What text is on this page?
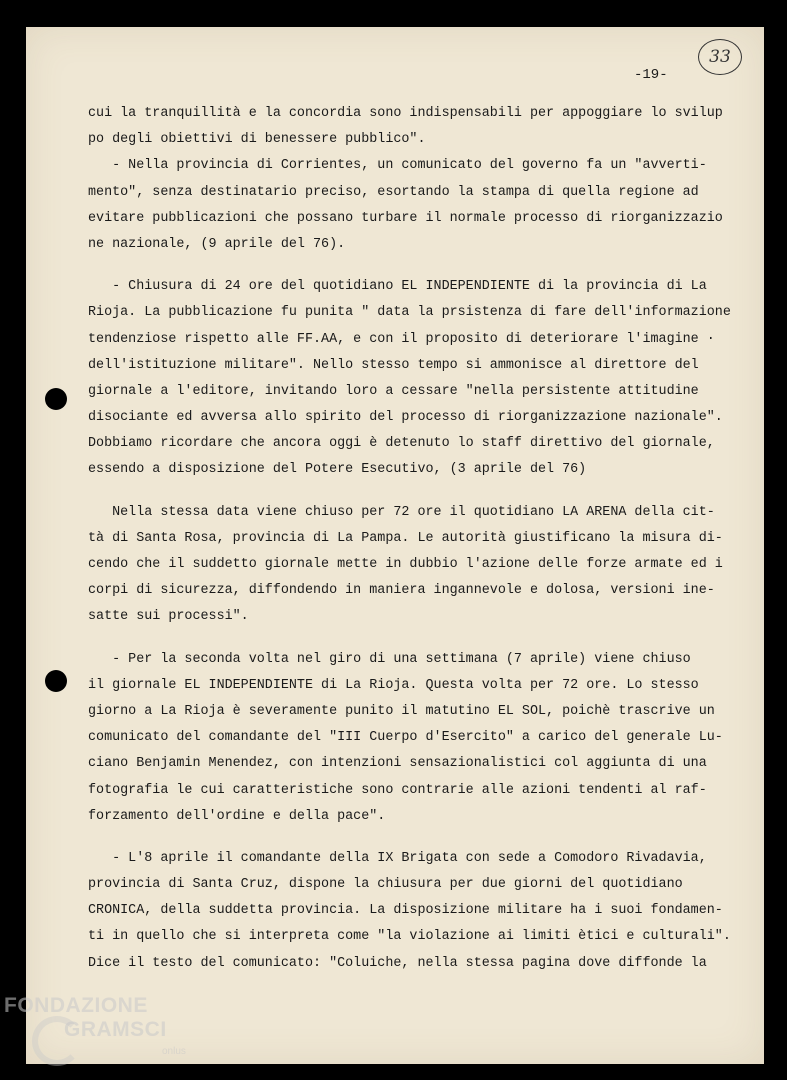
33
-19-
cui la tranquillità e la concordia sono indispensabili per appoggiare lo svilup
po degli obiettivi di benessere pubblico".
- Nella provincia di Corrientes, un comunicato del governo fa un "avverti-
mento", senza destinatario preciso, esortando la stampa di quella regione ad
evitare pubblicazioni che possano turbare il normale processo di riorganizzazio
ne nazionale, (9 aprile del 76).
- Chiusura di 24 ore del quotidiano EL INDEPENDIENTE di la provincia di La
Rioja. La pubblicazione fu punita " data la prsistenza di fare dell'informazione
tendenziose rispetto alle FF.AA, e con il proposito di deteriorare l'imagine ·
dell'istituzione militare". Nello stesso tempo si ammonisce al direttore del
giornale a l'editore, invitando loro a cessare "nella persistente attitudine
disociante ed avversa allo spirito del processo di riorganizzazione nazionale".
Dobbiamo ricordare che ancora oggi è detenuto lo staff direttivo del giornale,
essendo a disposizione del Potere Esecutivo, (3 aprile del 76)
Nella stessa data viene chiuso per 72 ore il quotidiano LA ARENA della cit-
tà di Santa Rosa, provincia di La Pampa. Le autorità giustificano la misura di-
cendo che il suddetto giornale mette in dubbio l'azione delle forze armate ed i
corpi di sicurezza, diffondendo in maniera ingannevole e dolosa, versioni ine-
satte sui processi".
- Per la seconda volta nel giro di una settimana (7 aprile) viene chiuso
il giornale EL INDEPENDIENTE di La Rioja. Questa volta per 72 ore. Lo stesso
giorno a La Rioja è severamente punito il matutino EL SOL, poichè trascrive un
comunicato del comandante del "III Cuerpo d'Esercito" a carico del generale Lu-
ciano Benjamin Menendez, con intenzioni sensazionalistici col aggiunta di una
fotografia le cui caratteristiche sono contrarie alle azioni tendenti al raf-
forzamento dell'ordine e della pace".
- L'8 aprile il comandante della IX Brigata con sede a Comodoro Rivadavia,
provincia di Santa Cruz, dispone la chiusura per due giorni del quotidiano
CRONICA, della suddetta provincia. La disposizione militare ha i suoi fondamen-
ti in quello che si interpreta come "la violazione ai limiti ètici e culturali".
Dice il testo del comunicato: "Coluiche, nella stessa pagina dove diffonde la
FONDAZIONE
GRAMSCI
onlus
